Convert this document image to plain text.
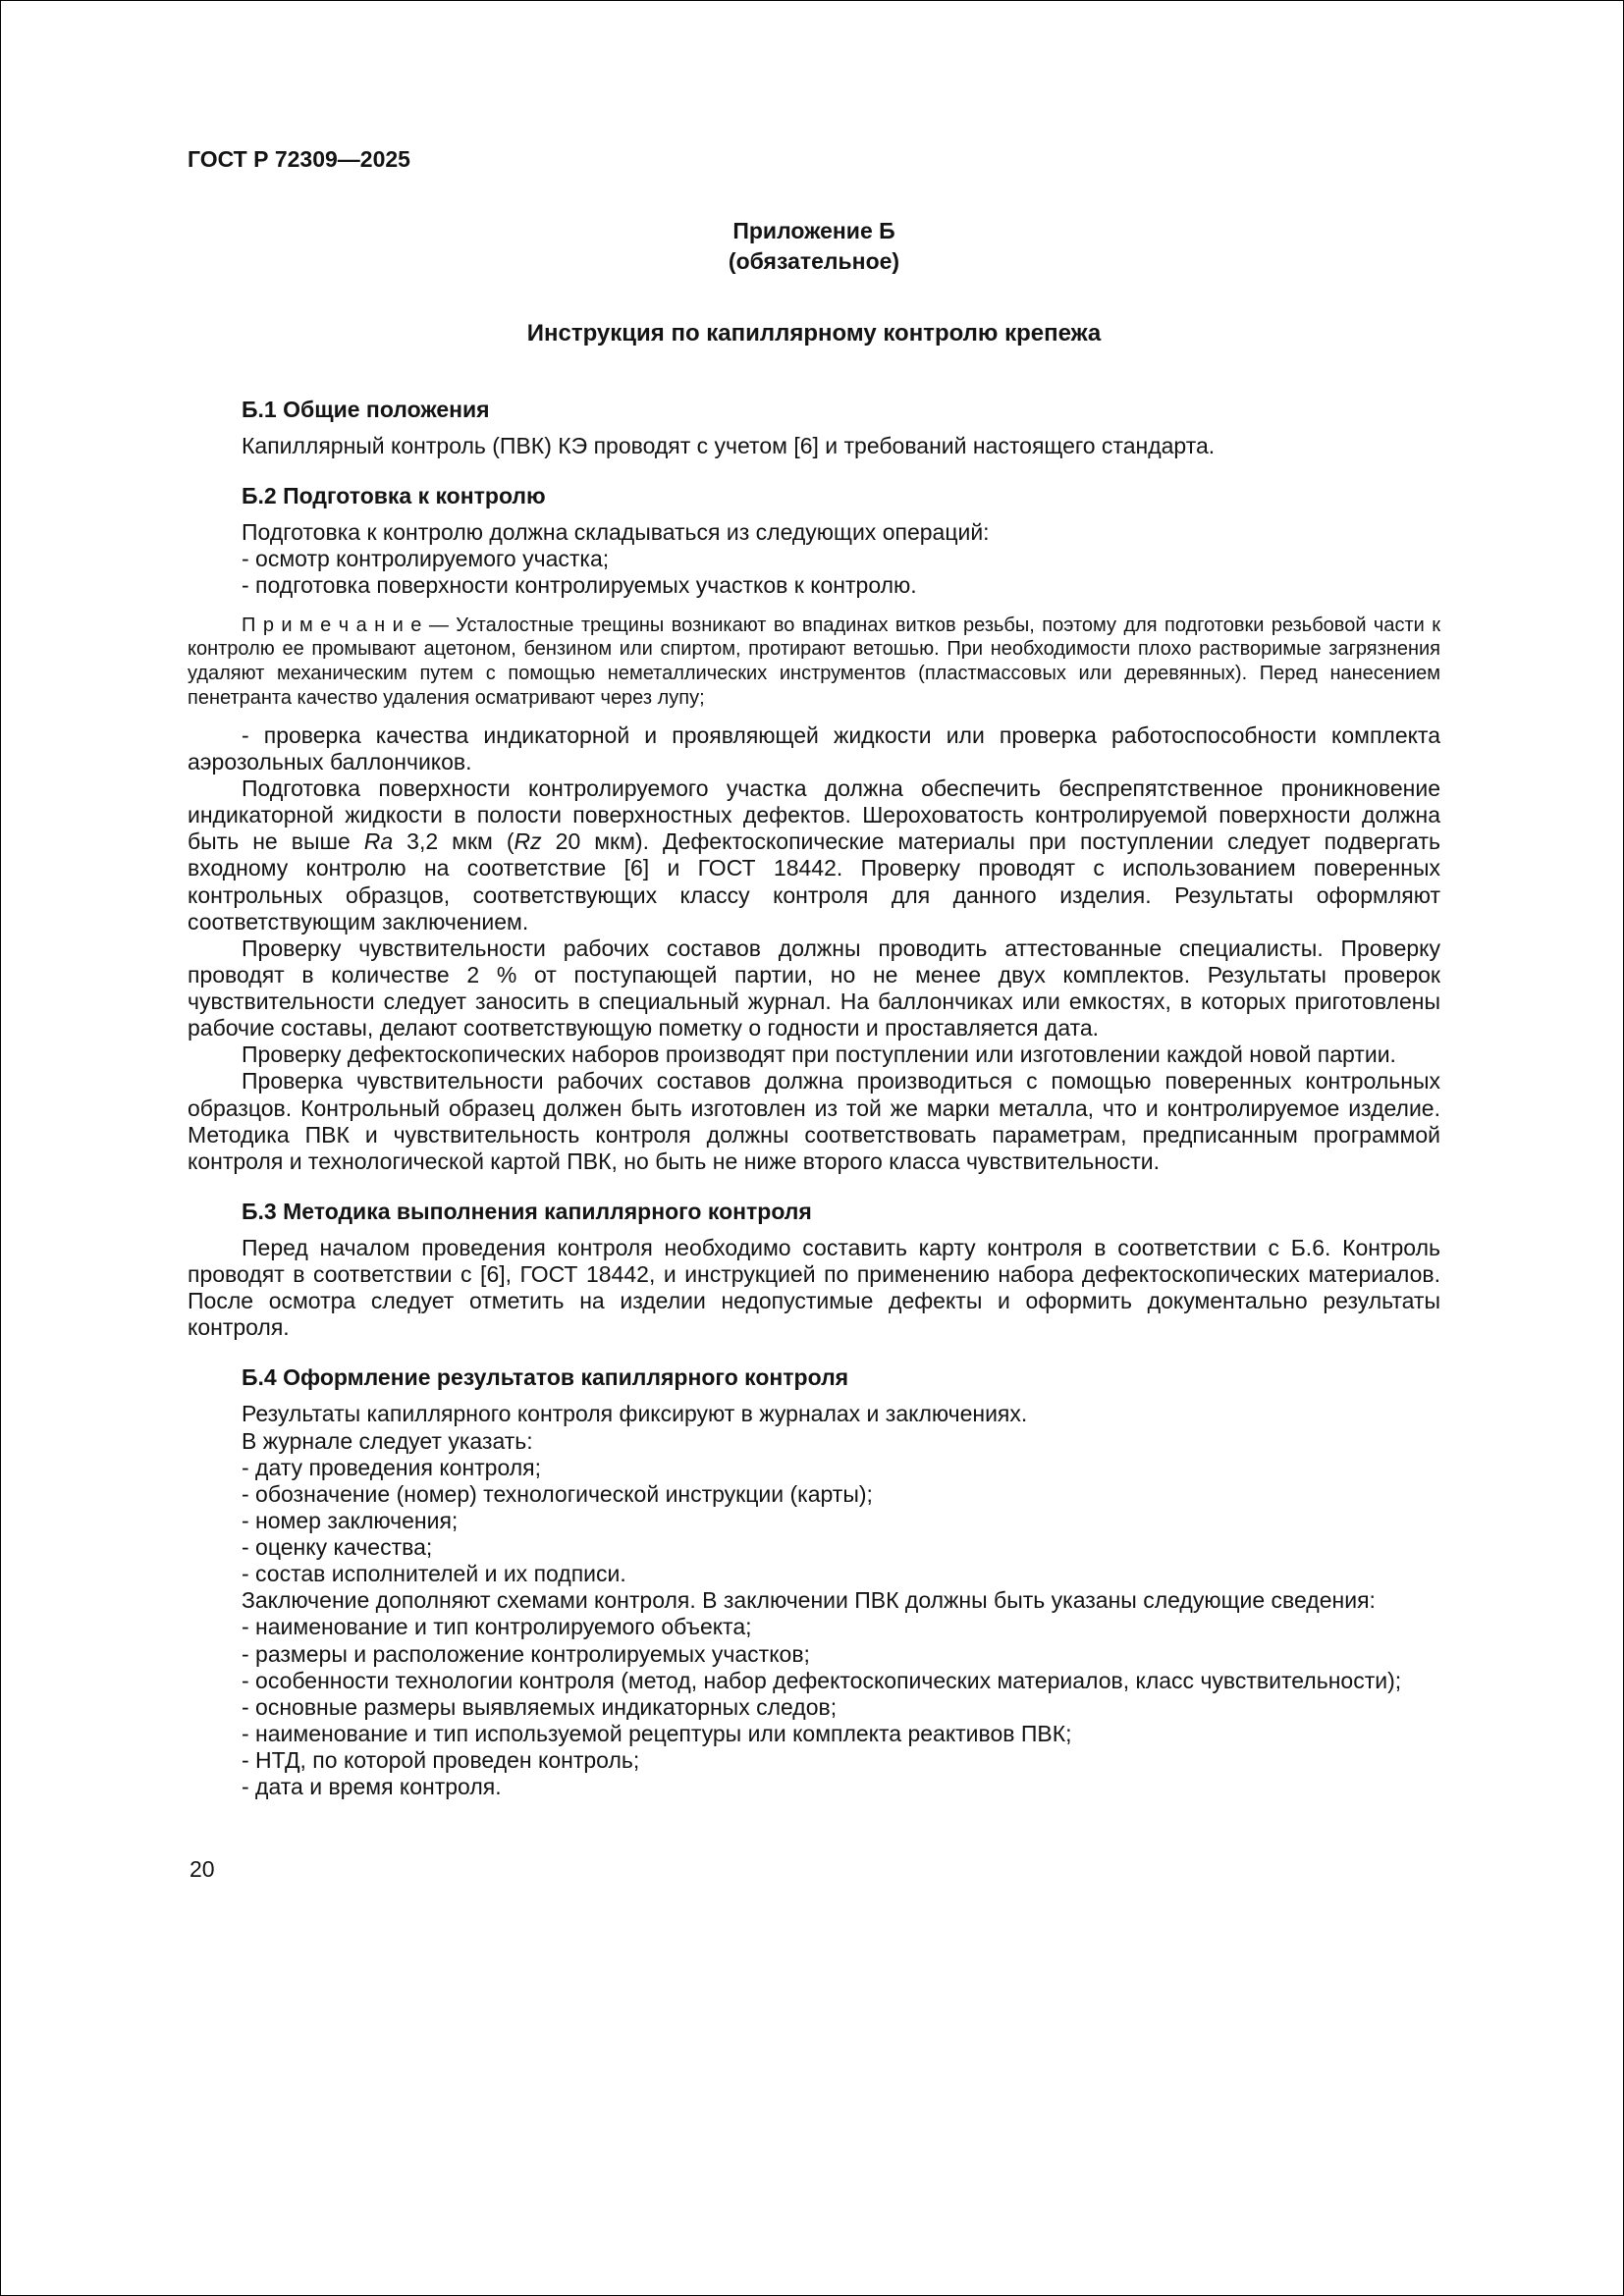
ГОСТ Р 72309—2025

Приложение Б
(обязательное)

Инструкция по капиллярному контролю крепежа

Б.1 Общие положения

Капиллярный контроль (ПВК) КЭ проводят с учетом [6] и требований настоящего стандарта.

Б.2 Подготовка к контролю

Подготовка к контролю должна складываться из следующих операций:

- осмотр контролируемого участка;

- подготовка поверхности контролируемых участков к контролю.

П р и м е ч а н и е — Усталостные трещины возникают во впадинах витков резьбы, поэтому для подготовки резьбовой части к контролю ее промывают ацетоном, бензином или спиртом, протирают ветошью. При необходимости плохо растворимые загрязнения удаляют механическим путем с помощью неметаллических инструментов (пластмассовых или деревянных). Перед нанесением пенетранта качество удаления осматривают через лупу;

- проверка качества индикаторной и проявляющей жидкости или проверка работоспособности комплекта аэрозольных баллончиков.

Подготовка поверхности контролируемого участка должна обеспечить беспрепятственное проникновение индикаторной жидкости в полости поверхностных дефектов. Шероховатость контролируемой поверхности должна быть не выше Ra 3,2 мкм (Rz 20 мкм). Дефектоскопические материалы при поступлении следует подвергать входному контролю на соответствие [6] и ГОСТ 18442. Проверку проводят с использованием поверенных контрольных образцов, соответствующих классу контроля для данного изделия. Результаты оформляют соответствующим заключением.

Проверку чувствительности рабочих составов должны проводить аттестованные специалисты. Проверку проводят в количестве 2 % от поступающей партии, но не менее двух комплектов. Результаты проверок чувствительности следует заносить в специальный журнал. На баллончиках или емкостях, в которых приготовлены рабочие составы, делают соответствующую пометку о годности и проставляется дата.

Проверку дефектоскопических наборов производят при поступлении или изготовлении каждой новой партии.

Проверка чувствительности рабочих составов должна производиться с помощью поверенных контрольных образцов. Контрольный образец должен быть изготовлен из той же марки металла, что и контролируемое изделие. Методика ПВК и чувствительность контроля должны соответствовать параметрам, предписанным программой контроля и технологической картой ПВК, но быть не ниже второго класса чувствительности.

Б.3 Методика выполнения капиллярного контроля

Перед началом проведения контроля необходимо составить карту контроля в соответствии с Б.6. Контроль проводят в соответствии с [6], ГОСТ 18442, и инструкцией по применению набора дефектоскопических материалов. После осмотра следует отметить на изделии недопустимые дефекты и оформить документально результаты контроля.

Б.4 Оформление результатов капиллярного контроля

Результаты капиллярного контроля фиксируют в журналах и заключениях.

В журнале следует указать:

- дату проведения контроля;

- обозначение (номер) технологической инструкции (карты);

- номер заключения;

- оценку качества;

- состав исполнителей и их подписи.

Заключение дополняют схемами контроля. В заключении ПВК должны быть указаны следующие сведения:

- наименование и тип контролируемого объекта;

- размеры и расположение контролируемых участков;

- особенности технологии контроля (метод, набор дефектоскопических материалов, класс чувствительности);

- основные размеры выявляемых индикаторных следов;

- наименование и тип используемой рецептуры или комплекта реактивов ПВК;

- НТД, по которой проведен контроль;

- дата и время контроля.

20
